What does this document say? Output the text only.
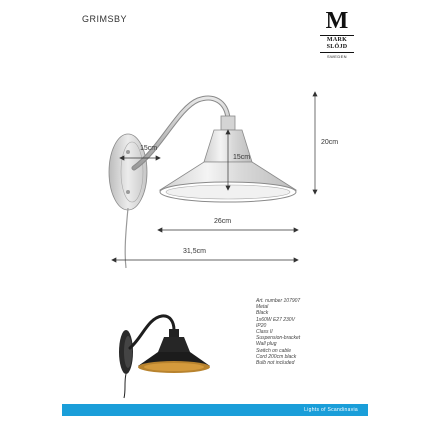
GRIMSBY	M
MARK
SLÖJD
SWEDEN
15cm
15cm
20cm
26cm
31,5cm
Art. number 107907
Metal
Black
1x60W E27 230V
IP20
Class II
Suspension-bracket
Wall plug
Switch on cable
Cord 200cm black
Bulb not included
Lights of Scandinavia
